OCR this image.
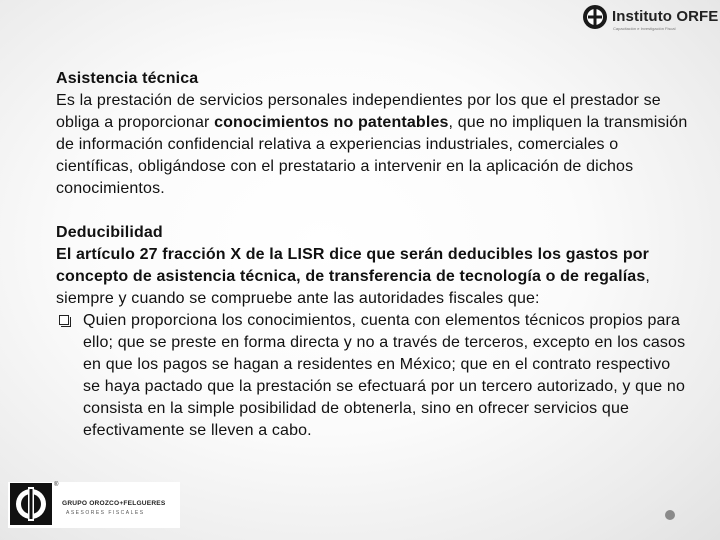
Instituto ORFE
Capacitación e Investigación Fiscal

Asistencia técnica

Es la prestación de servicios personales independientes por los que el prestador se obliga a proporcionar conocimientos no patentables, que no impliquen la transmisión de información confidencial relativa a experiencias industriales, comerciales o científicas, obligándose con el prestatario a intervenir en la aplicación de dichos conocimientos.

Deducibilidad

El artículo 27 fracción X de la LISR dice que serán deducibles los gastos por concepto de asistencia técnica, de transferencia de tecnología o de regalías, siempre y cuando se compruebe ante las autoridades fiscales que:

Quien proporciona los conocimientos, cuenta con elementos técnicos propios para ello; que se preste en forma directa y no a través de terceros, excepto en los casos en que los pagos se hagan a residentes en México; que en el contrato respectivo se haya pactado que la prestación se efectuará por un tercero autorizado, y que no consista en la simple posibilidad de obtenerla, sino en ofrecer servicios que efectivamente se lleven a cabo.

®
GRUPO OROZCO+FELGUERES
ASESORES FISCALES
